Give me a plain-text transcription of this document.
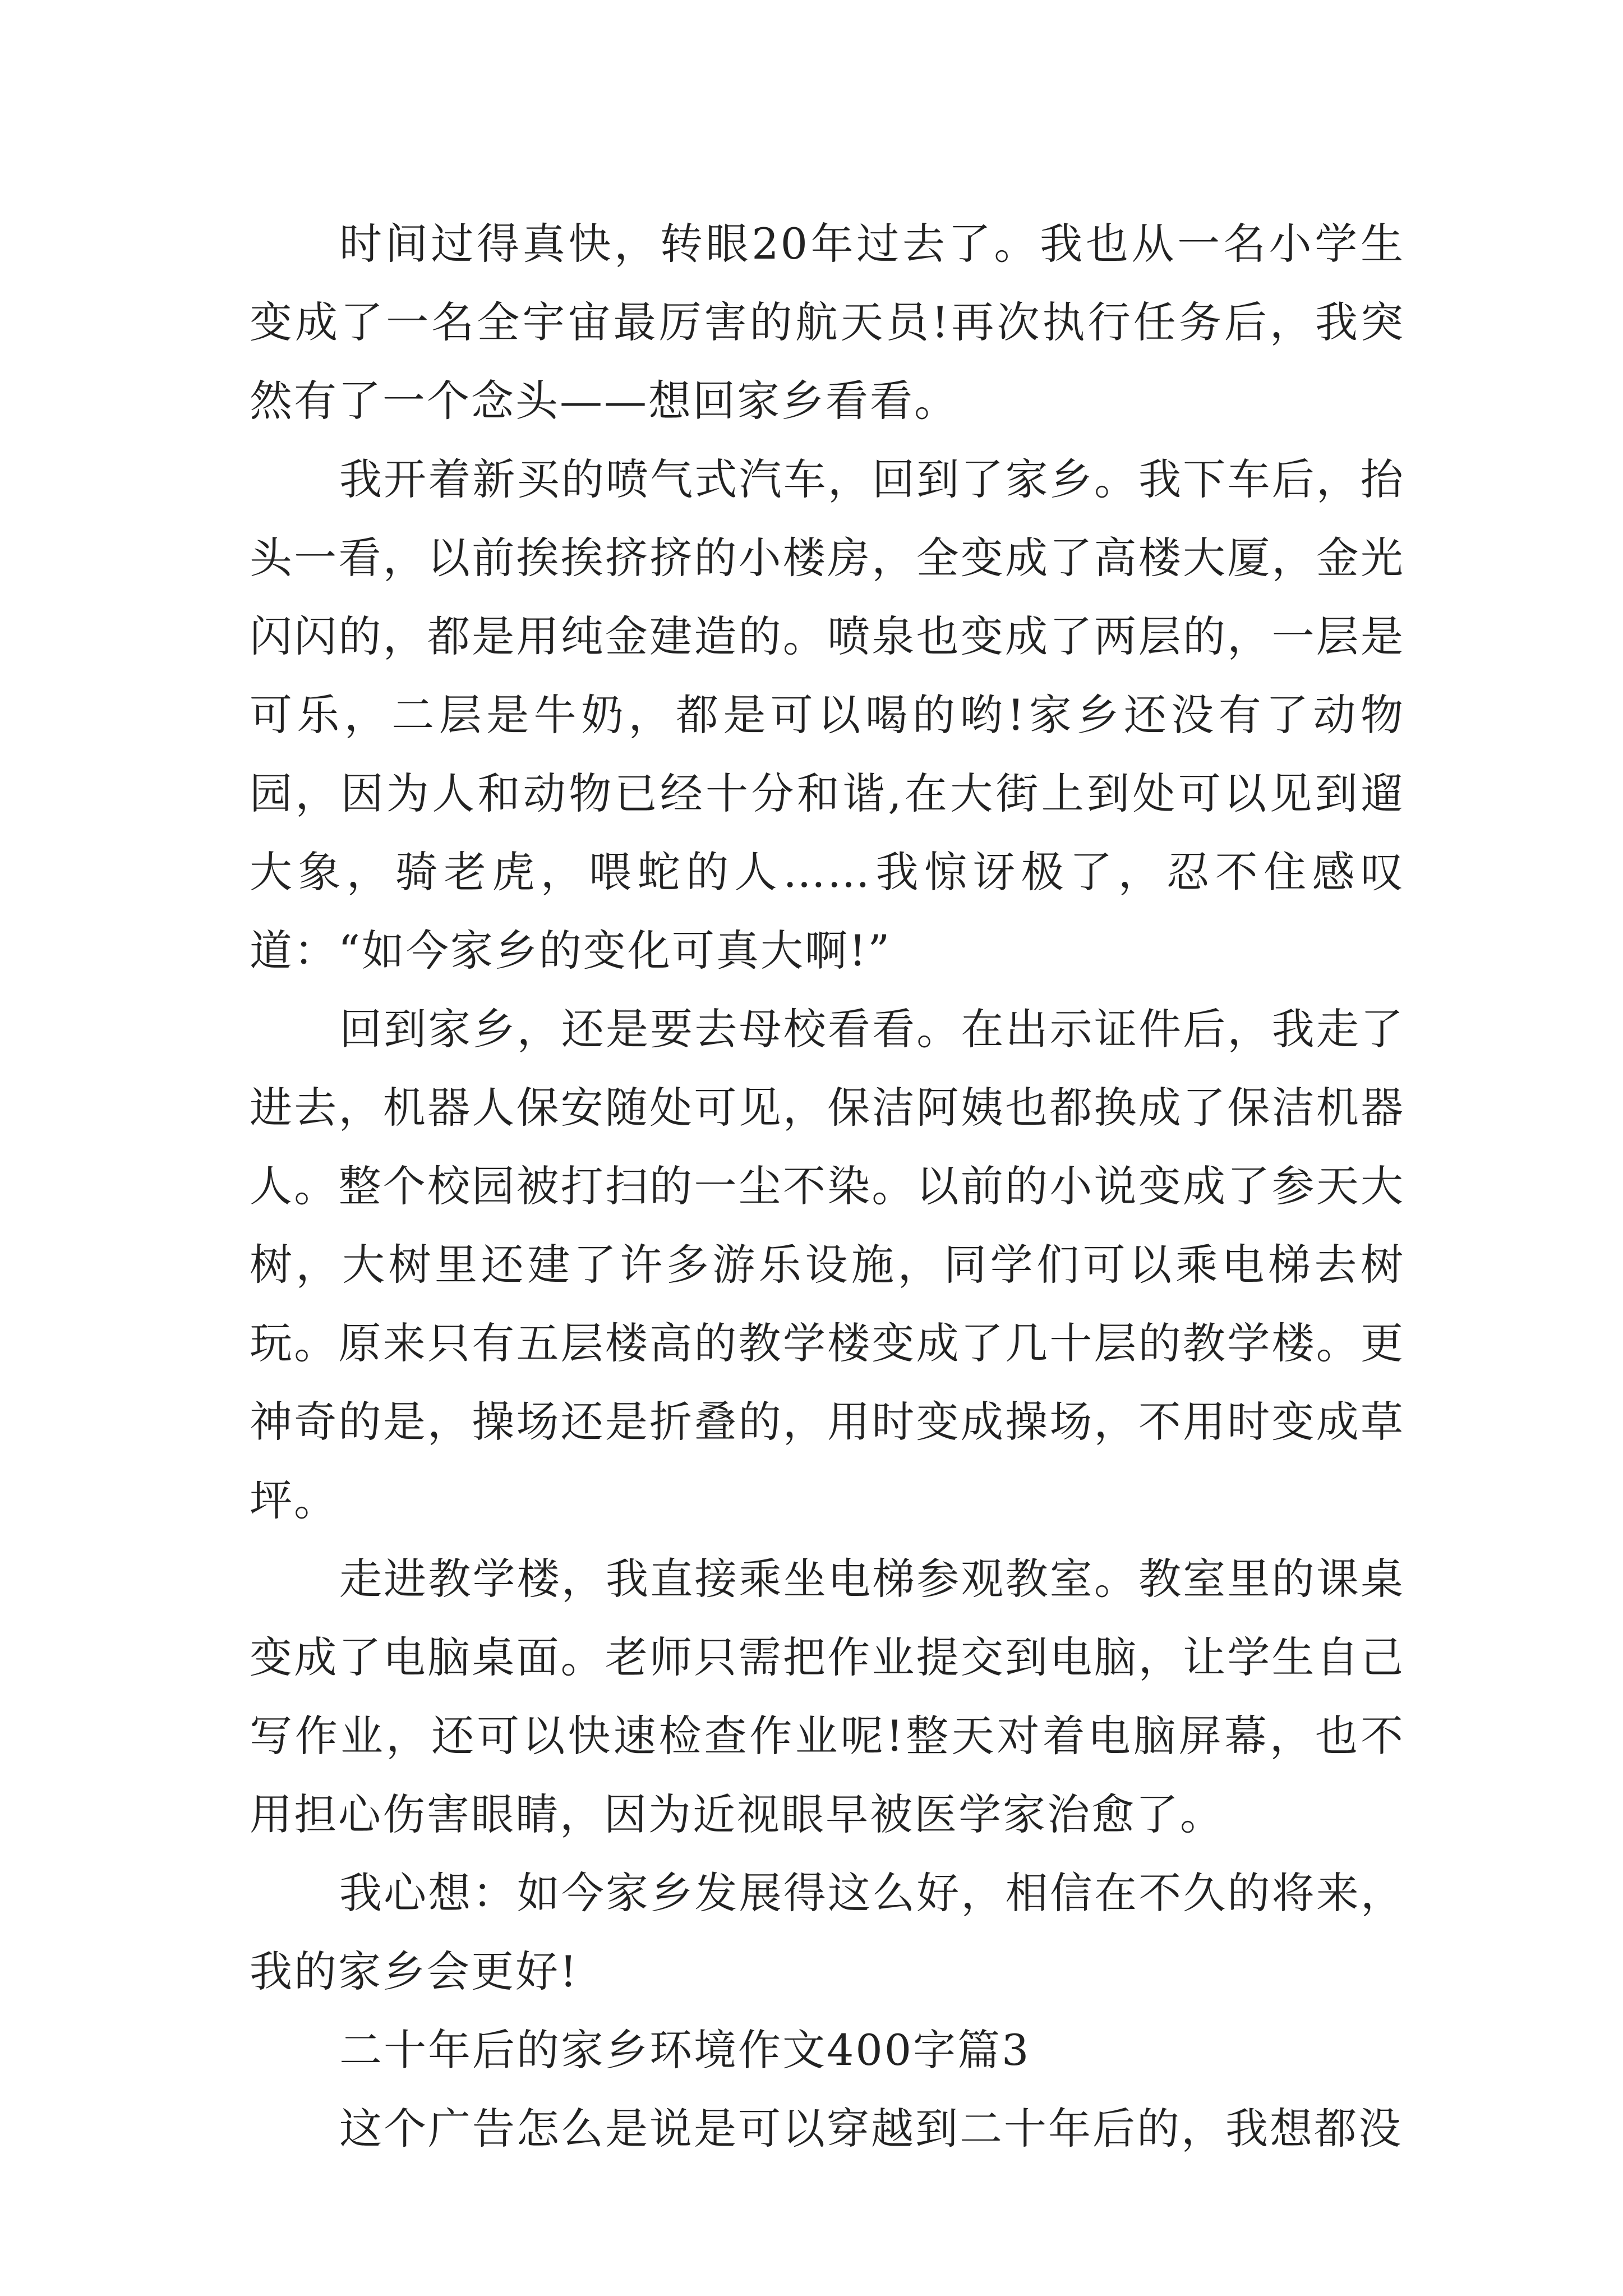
时间过得真快，转眼20年过去了。我也从一名小学生变成了一名全宇宙最厉害的航天员!再次执行任务后，我突然有了一个念头——想回家乡看看。

我开着新买的喷气式汽车，回到了家乡。我下车后，抬头一看，以前挨挨挤挤的小楼房，全变成了高楼大厦，金光闪闪的，都是用纯金建造的。喷泉也变成了两层的，一层是可乐，二层是牛奶，都是可以喝的哟!家乡还没有了动物园，因为人和动物已经十分和谐,在大街上到处可以见到遛大象，骑老虎，喂蛇的人……我惊讶极了，忍不住感叹道：“如今家乡的变化可真大啊!”

回到家乡，还是要去母校看看。在出示证件后，我走了进去，机器人保安随处可见，保洁阿姨也都换成了保洁机器人。整个校园被打扫的一尘不染。以前的小说变成了参天大树，大树里还建了许多游乐设施，同学们可以乘电梯去树玩。原来只有五层楼高的教学楼变成了几十层的教学楼。更神奇的是，操场还是折叠的，用时变成操场，不用时变成草坪。

走进教学楼，我直接乘坐电梯参观教室。教室里的课桌变成了电脑桌面。老师只需把作业提交到电脑，让学生自己写作业，还可以快速检查作业呢!整天对着电脑屏幕，也不用担心伤害眼睛，因为近视眼早被医学家治愈了。

我心想：如今家乡发展得这么好，相信在不久的将来，我的家乡会更好!

二十年后的家乡环境作文400字篇3

这个广告怎么是说是可以穿越到二十年后的，我想都没
